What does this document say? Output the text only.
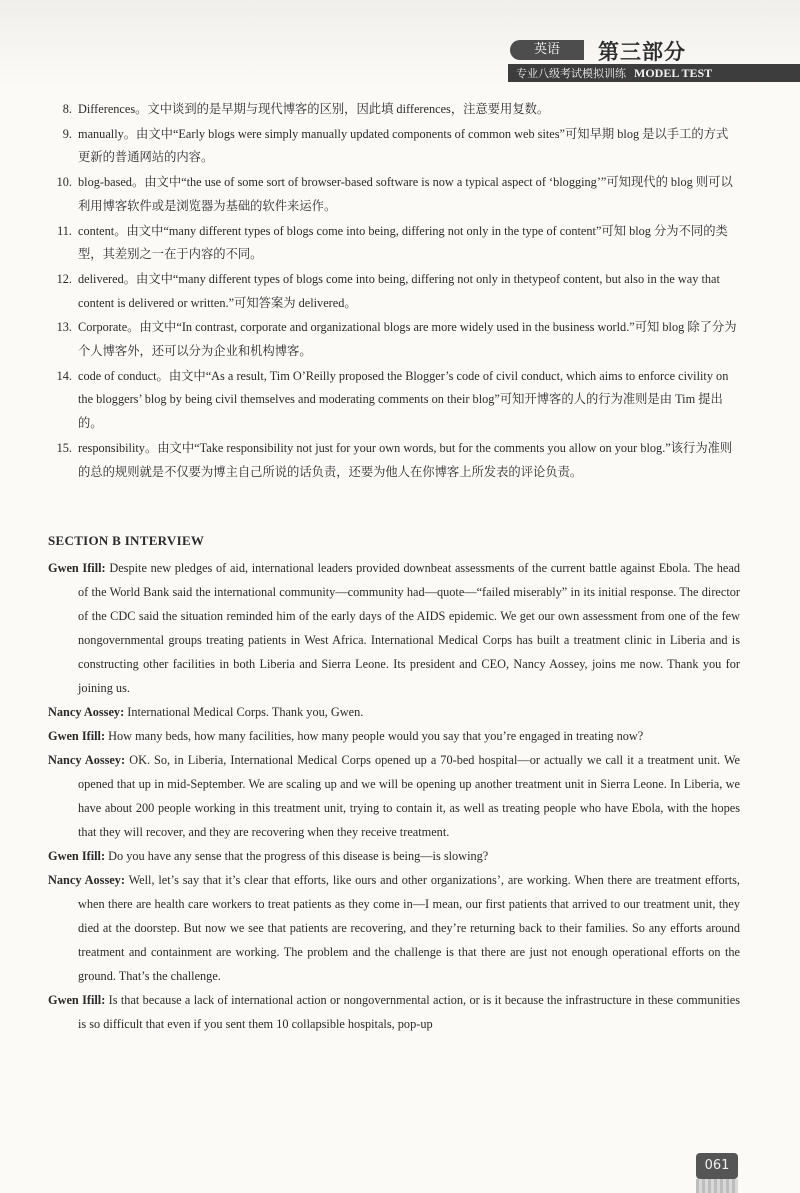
英语	第三部分
专业八级考试模拟训练 MODEL TEST
8. Differences。文中谈到的是早期与现代博客的区别，因此填 differences，注意要用复数。
9. manually。由文中“Early blogs were simply manually updated components of common web sites”可知早期 blog 是以手工的方式更新的普通网站的内容。
10. blog-based。由文中“the use of some sort of browser-based software is now a typical aspect of ‘blogging’”可知现代的 blog 则可以利用博客软件或是浏览器为基础的软件来运作。
11. content。由文中“many different types of blogs come into being, differing not only in the type of content”可知 blog 分为不同的类型，其差别之一在于内容的不同。
12. delivered。由文中“many different types of blogs come into being, differing not only in thetypeof content, but also in the way that content is delivered or written.”可知答案为 delivered。
13. Corporate。由文中“In contrast, corporate and organizational blogs are more widely used in the business world.”可知 blog 除了分为个人博客外，还可以分为企业和机构博客。
14. code of conduct。由文中“As a result, Tim O’Reilly proposed the Blogger’s code of civil conduct, which aims to enforce civility on the bloggers’ blog by being civil themselves and moderating comments on their blog”可知开博客的人的行为准则是由 Tim 提出的。
15. responsibility。由文中“Take responsibility not just for your own words, but for the comments you allow on your blog.”该行为准则的总的规则就是不仅要为博主自己所说的话负责，还要为他人在你博客上所发表的评论负责。
SECTION B INTERVIEW
Gwen Ifill: Despite new pledges of aid, international leaders provided downbeat assessments of the current battle against Ebola. The head of the World Bank said the international community—community had—quote—“failed miserably” in its initial response. The director of the CDC said the situation reminded him of the early days of the AIDS epidemic. We get our own assessment from one of the few nongovernmental groups treating patients in West Africa. International Medical Corps has built a treatment clinic in Liberia and is constructing other facilities in both Liberia and Sierra Leone. Its president and CEO, Nancy Aossey, joins me now. Thank you for joining us.
Nancy Aossey: International Medical Corps. Thank you, Gwen.
Gwen Ifill: How many beds, how many facilities, how many people would you say that you’re engaged in treating now?
Nancy Aossey: OK. So, in Liberia, International Medical Corps opened up a 70-bed hospital—or actually we call it a treatment unit. We opened that up in mid-September. We are scaling up and we will be opening up another treatment unit in Sierra Leone. In Liberia, we have about 200 people working in this treatment unit, trying to contain it, as well as treating people who have Ebola, with the hopes that they will recover, and they are recovering when they receive treatment.
Gwen Ifill: Do you have any sense that the progress of this disease is being—is slowing?
Nancy Aossey: Well, let’s say that it’s clear that efforts, like ours and other organizations’, are working. When there are treatment efforts, when there are health care workers to treat patients as they come in—I mean, our first patients that arrived to our treatment unit, they died at the doorstep. But now we see that patients are recovering, and they’re returning back to their families. So any efforts around treatment and containment are working. The problem and the challenge is that there are just not enough operational efforts on the ground. That’s the challenge.
Gwen Ifill: Is that because a lack of international action or nongovernmental action, or is it because the infrastructure in these communities is so difficult that even if you sent them 10 collapsible hospitals, pop-up
061
